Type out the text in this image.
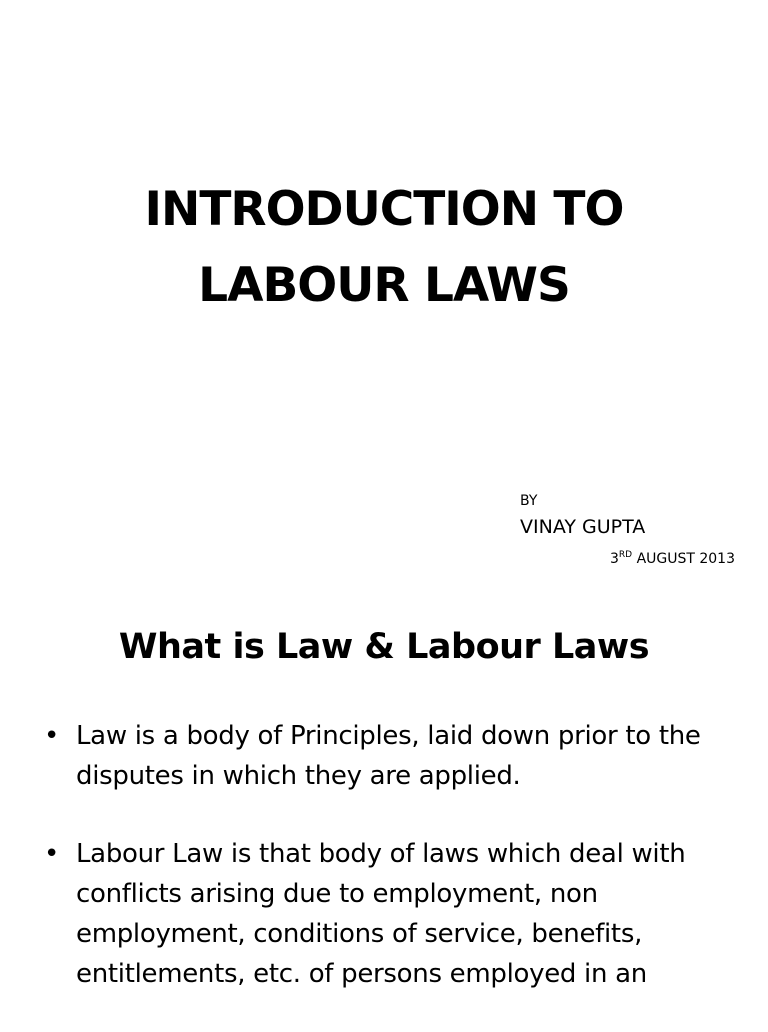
INTRODUCTION TO
LABOUR LAWS
BY
VINAY GUPTA
3RD AUGUST 2013
What is Law & Labour Laws
• Law is a body of Principles, laid down prior to the disputes in which they are applied.
• Labour Law is that body of laws which deal with conflicts arising due to employment, non employment, conditions of service, benefits, entitlements, etc. of persons employed in an
